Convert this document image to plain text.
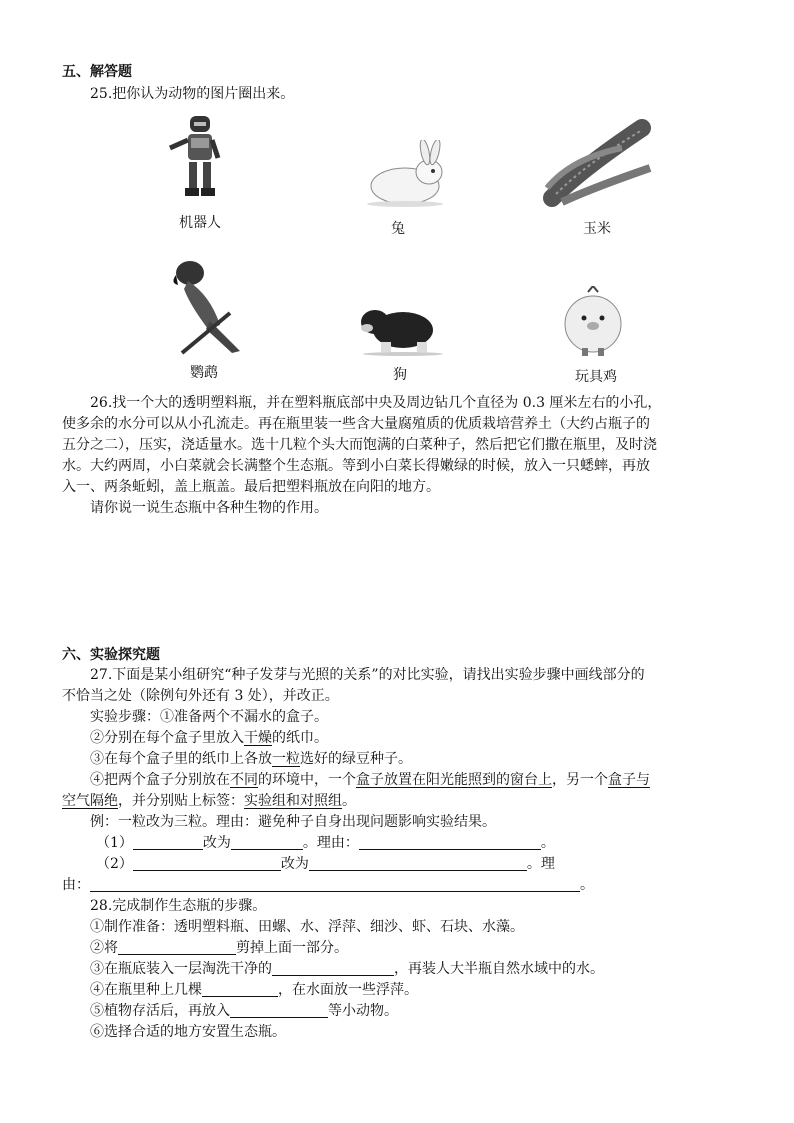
五、解答题
25.把你认为动物的图片圈出来。
机器人	兔	玉米
鹦鹉	狗	玩具鸡
26.找一个大的透明塑料瓶，并在塑料瓶底部中央及周边钻几个直径为 0.3 厘米左右的小孔，
使多余的水分可以从小孔流走。再在瓶里装一些含大量腐殖质的优质栽培营养土（大约占瓶子的
五分之二），压实，浇适量水。选十几粒个头大而饱满的白菜种子，然后把它们撒在瓶里，及时浇
水。大约两周，小白菜就会长满整个生态瓶。等到小白菜长得嫩绿的时候，放入一只蟋蟀，再放
入一、两条蚯蚓，盖上瓶盖。最后把塑料瓶放在向阳的地方。
请你说一说生态瓶中各种生物的作用。
六、实验探究题
27.下面是某小组研究“种子发芽与光照的关系”的对比实验，请找出实验步骤中画线部分的
不恰当之处（除例句外还有 3 处），并改正。
实验步骤：①准备两个不漏水的盒子。
②分别在每个盒子里放入干燥的纸巾。
③在每个盒子里的纸巾上各放一粒选好的绿豆种子。
④把两个盒子分别放在不同的环境中，一个盒子放置在阳光能照到的窗台上，另一个盒子与
空气隔绝，并分别贴上标签：实验组和对照组。
例：一粒改为三粒。理由：避免种子自身出现问题影响实验结果。
（1）	改为	。理由：	。
（2）	改为	。理
由：	。
28.完成制作生态瓶的步骤。
①制作准备：透明塑料瓶、田螺、水、浮萍、细沙、虾、石块、水藻。
②将	剪掉上面一部分。
③在瓶底装入一层淘洗干净的	，再装人大半瓶自然水域中的水。
④在瓶里种上几棵	，在水面放一些浮萍。
⑤植物存活后，再放入	等小动物。
⑥选择合适的地方安置生态瓶。
